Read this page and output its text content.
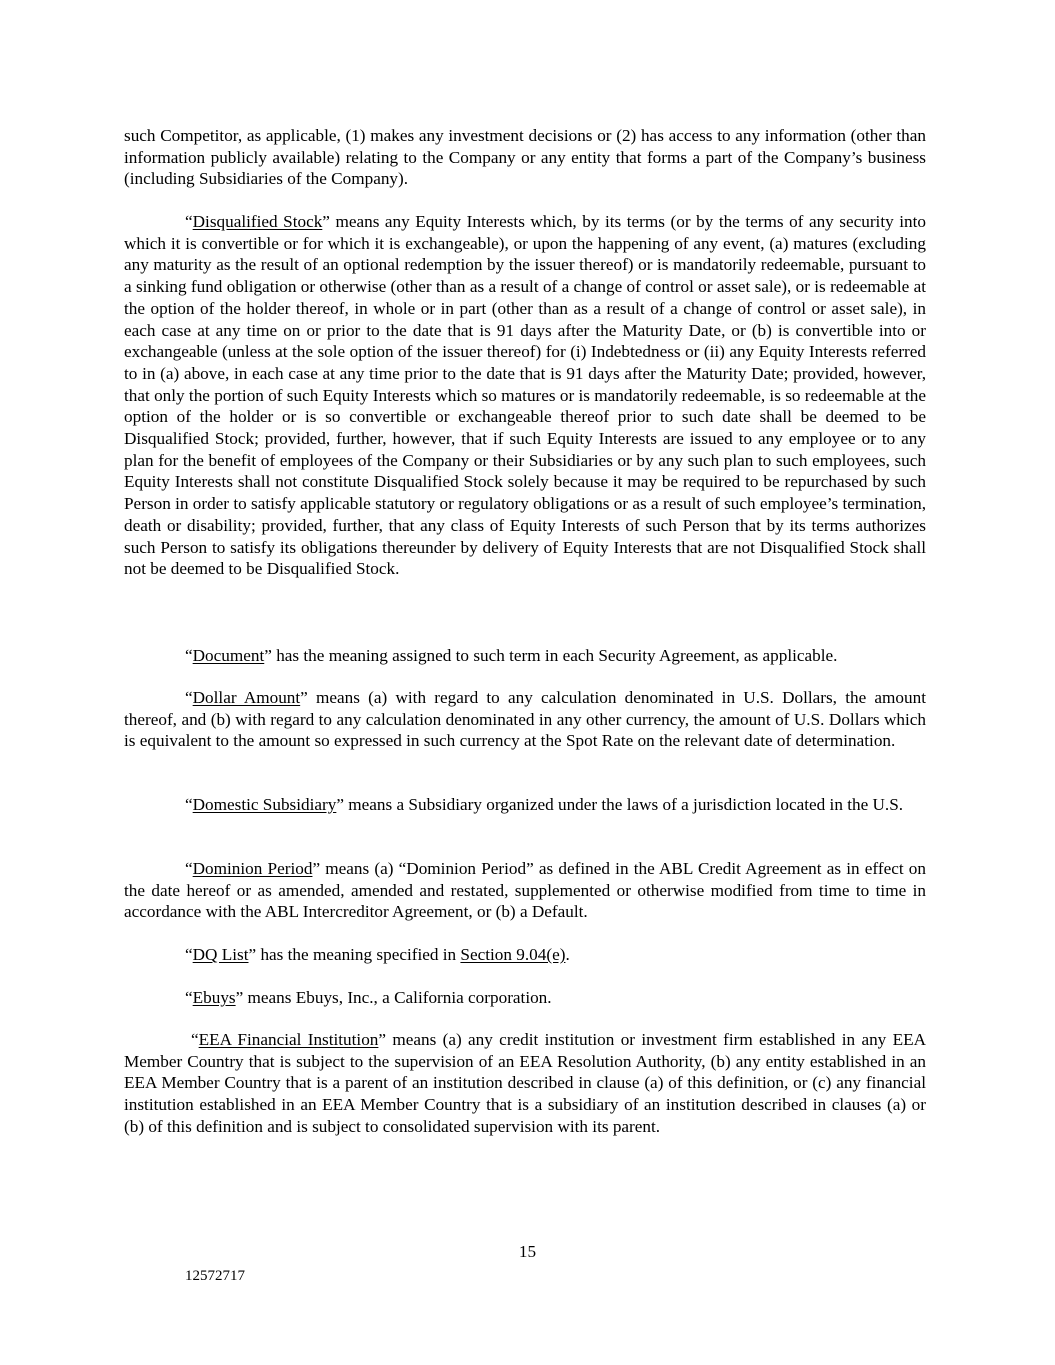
such Competitor, as applicable, (1) makes any investment decisions or (2) has access to any information (other than information publicly available) relating to the Company or any entity that forms a part of the Company’s business (including Subsidiaries of the Company).

“Disqualified Stock” means any Equity Interests which, by its terms (or by the terms of any security into which it is convertible or for which it is exchangeable), or upon the happening of any event, (a) matures (excluding any maturity as the result of an optional redemption by the issuer thereof) or is mandatorily redeemable, pursuant to a sinking fund obligation or otherwise (other than as a result of a change of control or asset sale), or is redeemable at the option of the holder thereof, in whole or in part (other than as a result of a change of control or asset sale), in each case at any time on or prior to the date that is 91 days after the Maturity Date, or (b) is convertible into or exchangeable (unless at the sole option of the issuer thereof) for (i) Indebtedness or (ii) any Equity Interests referred to in (a) above, in each case at any time prior to the date that is 91 days after the Maturity Date; provided, however, that only the portion of such Equity Interests which so matures or is mandatorily redeemable, is so redeemable at the option of the holder or is so convertible or exchangeable thereof prior to such date shall be deemed to be Disqualified Stock; provided, further, however, that if such Equity Interests are issued to any employee or to any plan for the benefit of employees of the Company or their Subsidiaries or by any such plan to such employees, such Equity Interests shall not constitute Disqualified Stock solely because it may be required to be repurchased by such Person in order to satisfy applicable statutory or regulatory obligations or as a result of such employee’s termination, death or disability; provided, further, that any class of Equity Interests of such Person that by its terms authorizes such Person to satisfy its obligations thereunder by delivery of Equity Interests that are not Disqualified Stock shall not be deemed to be Disqualified Stock.

“Document” has the meaning assigned to such term in each Security Agreement, as applicable.

“Dollar Amount” means (a) with regard to any calculation denominated in U.S. Dollars, the amount thereof, and (b) with regard to any calculation denominated in any other currency, the amount of U.S. Dollars which is equivalent to the amount so expressed in such currency at the Spot Rate on the relevant date of determination.

“Domestic Subsidiary” means a Subsidiary organized under the laws of a jurisdiction located in the U.S.

“Dominion Period” means (a) “Dominion Period” as defined in the ABL Credit Agreement as in effect on the date hereof or as amended, amended and restated, supplemented or otherwise modified from time to time in accordance with the ABL Intercreditor Agreement, or (b) a Default.

“DQ List” has the meaning specified in Section 9.04(e).

“Ebuys” means Ebuys, Inc., a California corporation.

“EEA Financial Institution” means (a) any credit institution or investment firm established in any EEA Member Country that is subject to the supervision of an EEA Resolution Authority, (b) any entity established in an EEA Member Country that is a parent of an institution described in clause (a) of this definition, or (c) any financial institution established in an EEA Member Country that is a subsidiary of an institution described in clauses (a) or (b) of this definition and is subject to consolidated supervision with its parent.

15
12572717
